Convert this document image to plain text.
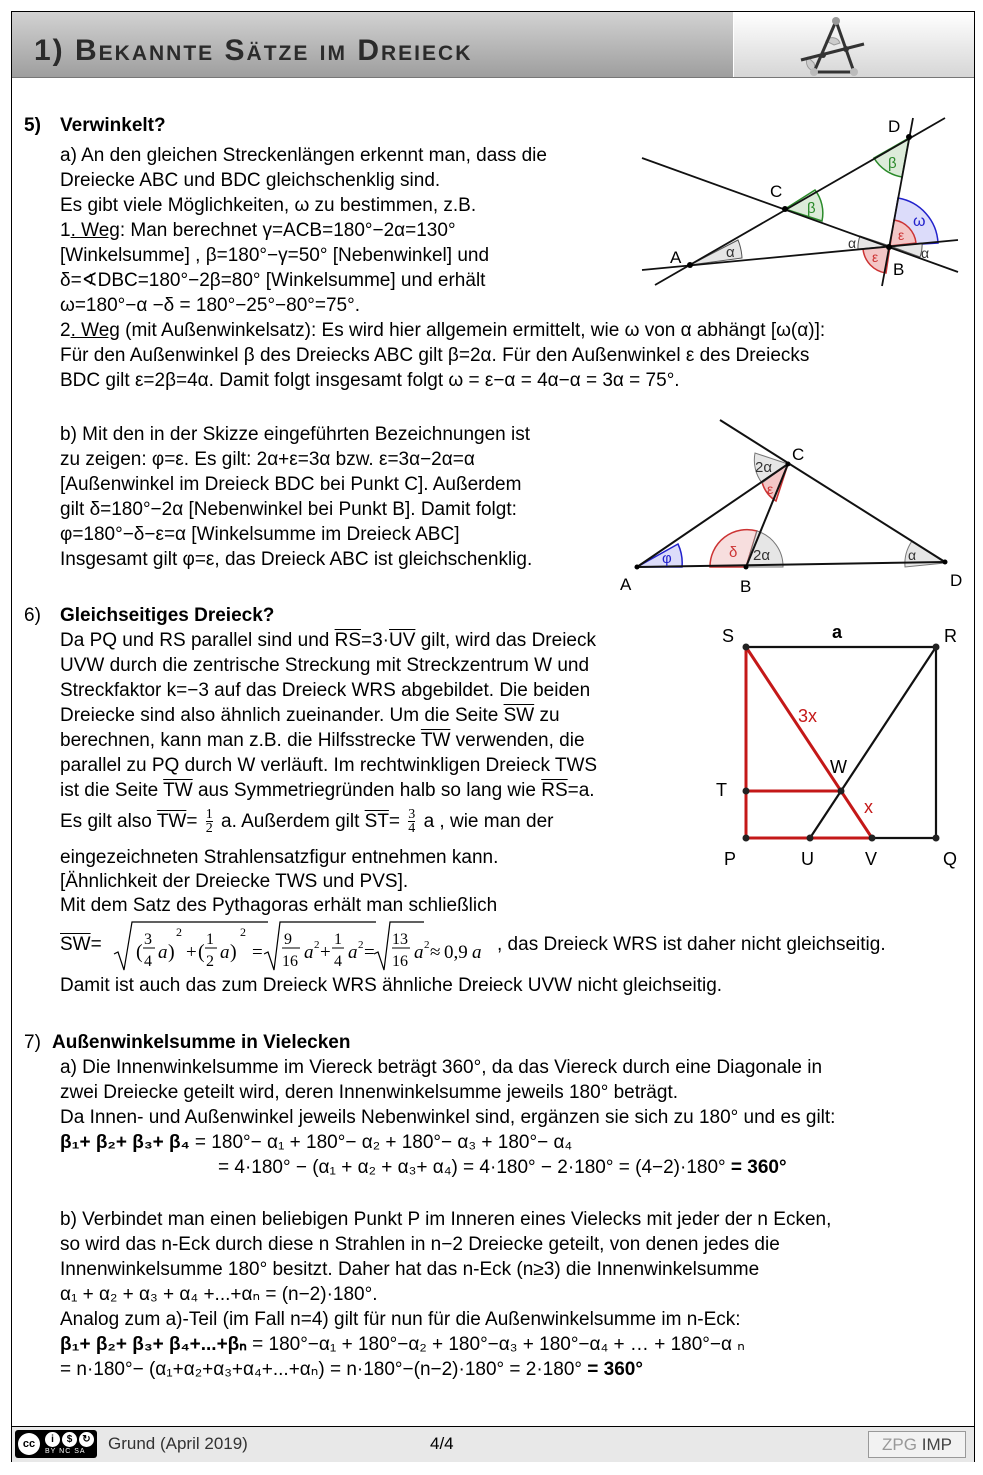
1) Bekannte Sätze im Dreieck
5) Verwinkelt?
a) An den gleichen Streckenlängen erkennt man, dass die
Dreiecke ABC und BDC gleichschenklig sind.
Es gibt viele Möglichkeiten, ω zu bestimmen, z.B.
1. Weg: Man berechnet γ=ACB=180°−2α=130°
[Winkelsumme] , β=180°−γ=50° [Nebenwinkel] und
δ=∢DBC=180°−2β=80° [Winkelsumme] und erhält
ω=180°−α −δ = 180°−25°−80°=75°.
2. Weg (mit Außenwinkelsatz): Es wird hier allgemein ermittelt, wie ω von α abhängt [ω(α)]:
Für den Außenwinkel β des Dreiecks ABC gilt β=2α. Für den Außenwinkel ε des Dreiecks
BDC gilt ε=2β=4α. Damit folgt insgesamt folgt ω = ε−α = 4α−α = 3α = 75°.
A
C
D
B
α
β
β
ω
ε
ε
α
α
b) Mit den in der Skizze eingeführten Bezeichnungen ist
zu zeigen: φ=ε. Es gilt: 2α+ε=3α bzw. ε=3α−2α=α
[Außenwinkel im Dreieck BDC bei Punkt C]. Außerdem
gilt δ=180°−2α [Nebenwinkel bei Punkt B]. Damit folgt:
φ=180°−δ−ε=α [Winkelsumme im Dreieck ABC]
Insgesamt gilt φ=ε, das Dreieck ABC ist gleichschenklig.
A	B
C
D
φ	δ 2α
2α
ε
α
6) Gleichseitiges Dreieck?
Da PQ und RS parallel sind und $\overline{RS}=3\cdot\overline{UV}$ gilt, wird das Dreieck
UVW durch die zentrische Streckung mit Streckzentrum W und
Streckfaktor k=−3 auf das Dreieck WRS abgebildet. Die beiden
Dreiecke sind also ähnlich zueinander. Um die Seite $\overline{SW}$ zu
berechnen, kann man z.B. die Hilfsstrecke $\overline{TW}$ verwenden, die
parallel zu PQ durch W verläuft. Im rechtwinkligen Dreieck TWS
ist die Seite $\overline{TW}$ aus Symmetriegründen halb so lang wie $\overline{RS}=a$.
Es gilt also $\overline{TW}= \frac{1}{2} a$. Außerdem gilt $\overline{ST}= \frac{3}{4}$ a , wie man der
eingezeichneten Strahlensatzfigur entnehmen kann.
[Ähnlichkeit der Dreiecke TWS und PVS].
Mit dem Satz des Pythagoras erhält man schließlich
$\overline{SW}=$ (
3
4 a )
2
+ (
1
2 a )
2
=
9
16 a 2 +
1
4 a 2 =
13
16 a 2 ≈ 0,9 a , das Dreieck WRS ist daher nicht gleichseitig.
Damit ist auch das zum Dreieck WRS ähnliche Dreieck UVW nicht gleichseitig.
S	a	R
T
W
3x
x
P	U	V	Q
7) Außenwinkelsumme in Vielecken
a) Die Innenwinkelsumme im Viereck beträgt 360°, da das Viereck durch eine Diagonale in
zwei Dreiecke geteilt wird, deren Innenwinkelsumme jeweils 180° beträgt.
Da Innen- und Außenwinkel jeweils Nebenwinkel sind, ergänzen sie sich zu 180° und es gilt:
β₁+ β₂+ β₃+ β₄ = 180°− α₁ + 180°− α₂ + 180°− α₃ + 180°− α₄
= 4·180° − (α₁ + α₂ + α₃+ α₄) = 4·180° − 2·180° = (4−2)·180° = 360°
b) Verbindet man einen beliebigen Punkt P im Inneren eines Vielecks mit jeder der n Ecken,
so wird das n-Eck durch diese n Strahlen in n−2 Dreiecke geteilt, von denen jedes die
Innenwinkelsumme 180° besitzt. Daher hat das n-Eck (n≥3) die Innenwinkelsumme
α₁ + α₂ + α₃ + α₄ +...+αₙ = (n−2)·180°.
Analog zum a)-Teil (im Fall n=4) gilt für nun für die Außenwinkelsumme im n-Eck:
β₁+ β₂+ β₃+ β₄+...+βₙ = 180°−α₁ + 180°−α₂ + 180°−α₃ + 180°−α₄ + … + 180°−α ₙ
= n·180°− (α₁+α₂+α₃+α₄+...+αₙ) = n·180°−(n−2)·180° = 2·180° = 360°
cc	i	$	↻
BY NC SA Grund (April 2019)	4/4	ZPG IMP
